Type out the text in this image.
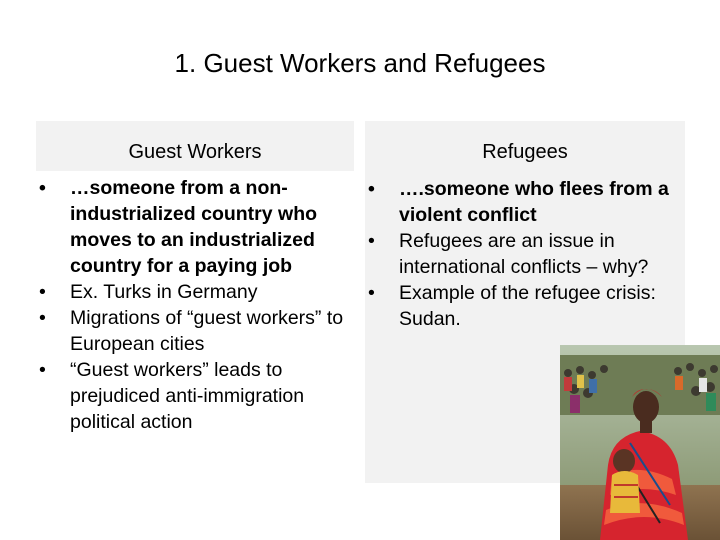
1. Guest Workers and Refugees
Guest Workers	Refugees
• …someone from a non-industrialized country who moves to an industrialized country for a paying job
• Ex. Turks in Germany
• Migrations of “guest workers” to European cities
• “Guest workers” leads to prejudiced anti-immigration political action
• ….someone who flees from a violent conflict
• Refugees are an issue in international conflicts – why?
• Example of the refugee crisis: Sudan.
